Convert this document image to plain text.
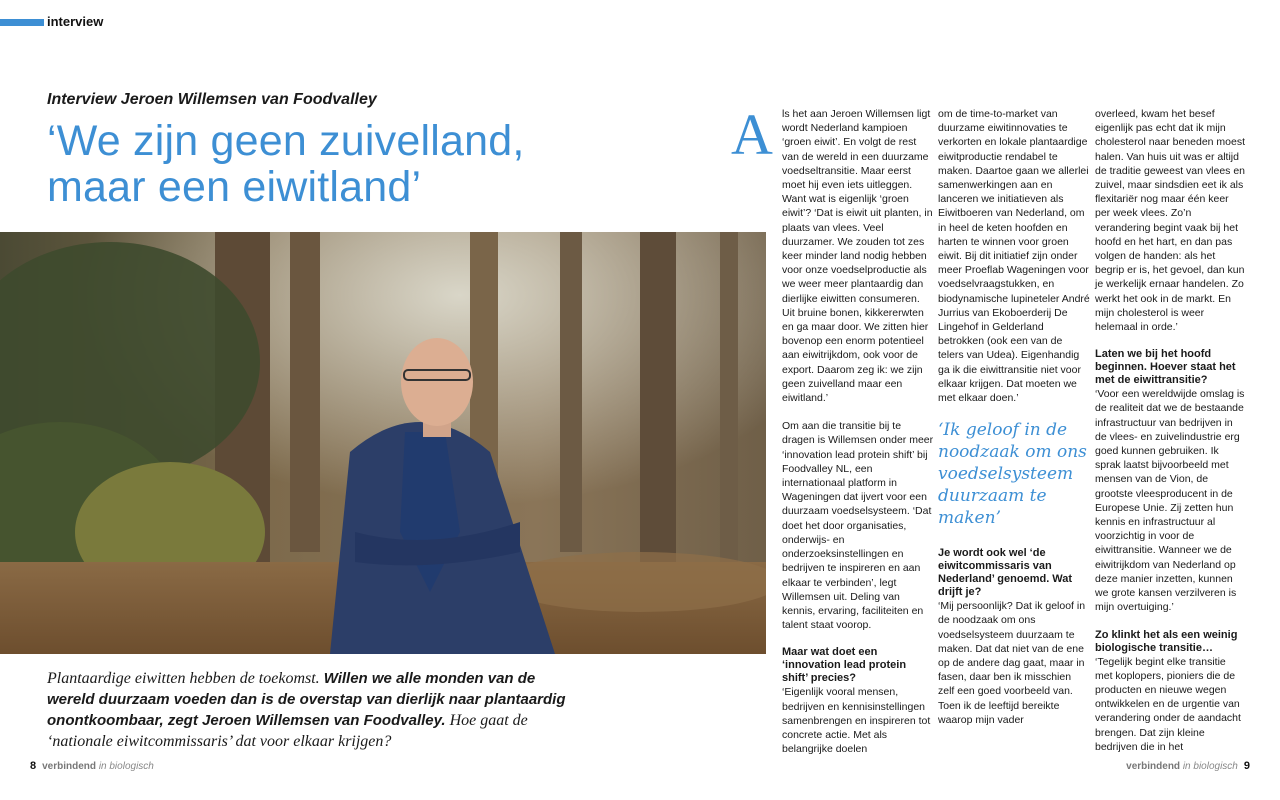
interview
Interview Jeroen Willemsen van Foodvalley
‘We zijn geen zuivelland,
maar een eiwitland’
Plantaardige eiwitten hebben de toekomst. Willen we alle monden van de wereld duurzaam voeden dan is de overstap van dierlijk naar plantaardig onontkoombaar, zegt Jeroen Willemsen van Foodvalley. Hoe gaat de ‘nationale eiwitcommissaris’ dat voor elkaar krijgen?
8 verbindend in biologisch
A ls het aan Jeroen Willemsen ligt wordt Nederland kampioen ‘groen eiwit’. En volgt de rest van de wereld in een duurzame voedseltransitie. Maar eerst moet hij even iets uitleggen. Want wat is eigenlijk ‘groen eiwit’? ‘Dat is eiwit uit planten, in plaats van vlees. Veel duurzamer. We zouden tot zes keer minder land nodig hebben voor onze voedselproductie als we weer meer plantaardig dan dierlijke eiwitten consumeren. Uit bruine bonen, kikkererwten en ga maar door. We zitten hier bovenop een enorm potentieel aan eiwitrijkdom, ook voor de export. Daarom zeg ik: we zijn geen zuivelland maar een eiwitland.’

Om aan die transitie bij te dragen is Willemsen onder meer ‘innovation lead protein shift’ bij Foodvalley NL, een internationaal platform in Wageningen dat ijvert voor een duurzaam voedselsysteem. ‘Dat doet het door organisaties, onderwijs- en onderzoeksinstellingen en bedrijven te inspireren en aan elkaar te verbinden’, legt Willemsen uit. Deling van kennis, ervaring, faciliteiten en talent staat voorop.

Maar wat doet een ‘innovation lead protein shift’ precies?

‘Eigenlijk vooral mensen, bedrijven en kennisinstellingen samenbrengen en inspireren tot concrete actie. Met als belangrijke doelen

om de time-to-market van duurzame eiwitinnovaties te verkorten en lokale plantaardige eiwitproductie rendabel te maken. Daartoe gaan we allerlei samenwerkingen aan en lanceren we initiatieven als Eiwitboeren van Nederland, om in heel de keten hoofden en harten te winnen voor groen eiwit. Bij dit initiatief zijn onder meer Proeflab Wageningen voor voedselvraagstukken, en biodynamische lupineteler André Jurrius van Ekoboerderij De Lingehof in Gelderland betrokken (ook een van de telers van Udea). Eigenhandig ga ik die eiwittransitie niet voor elkaar krijgen. Dat moeten we met elkaar doen.’

‘Ik geloof in de noodzaak om ons voedselsysteem duurzaam te maken’

Je wordt ook wel ‘de eiwitcommissaris van Nederland’ genoemd. Wat drijft je?

‘Mij persoonlijk? Dat ik geloof in de noodzaak om ons voedselsysteem duurzaam te maken. Dat dat niet van de ene op de andere dag gaat, maar in fasen, daar ben ik misschien zelf een goed voorbeeld van. Toen ik de leeftijd bereikte waarop mijn vader

overleed, kwam het besef eigenlijk pas echt dat ik mijn cholesterol naar beneden moest halen. Van huis uit was er altijd de traditie geweest van vlees en zuivel, maar sindsdien eet ik als flexitariër nog maar één keer per week vlees. Zo’n verandering begint vaak bij het hoofd en het hart, en dan pas volgen de handen: als het begrip er is, het gevoel, dan kun je werkelijk ernaar handelen. Zo werkt het ook in de markt. En mijn cholesterol is weer helemaal in orde.’

Laten we bij het hoofd beginnen. Hoever staat het met de eiwittransitie?

‘Voor een wereldwijde omslag is de realiteit dat we de bestaande infrastructuur van bedrijven in de vlees- en zuivelindustrie erg goed kunnen gebruiken. Ik sprak laatst bijvoorbeeld met mensen van de Vion, de grootste vleesproducent in de Europese Unie. Zij zetten hun kennis en infrastructuur al voorzichtig in voor de eiwittransitie. Wanneer we de eiwitrijkdom van Nederland op deze manier inzetten, kunnen we grote kansen verzilveren is mijn overtuiging.’

Zo klinkt het als een weinig biologische transitie…

‘Tegelijk begint elke transitie met koplopers, pioniers die de producten en nieuwe wegen ontwikkelen en de urgentie van verandering onder de aandacht brengen. Dat zijn kleine bedrijven die in het

verbindend in biologisch 9
